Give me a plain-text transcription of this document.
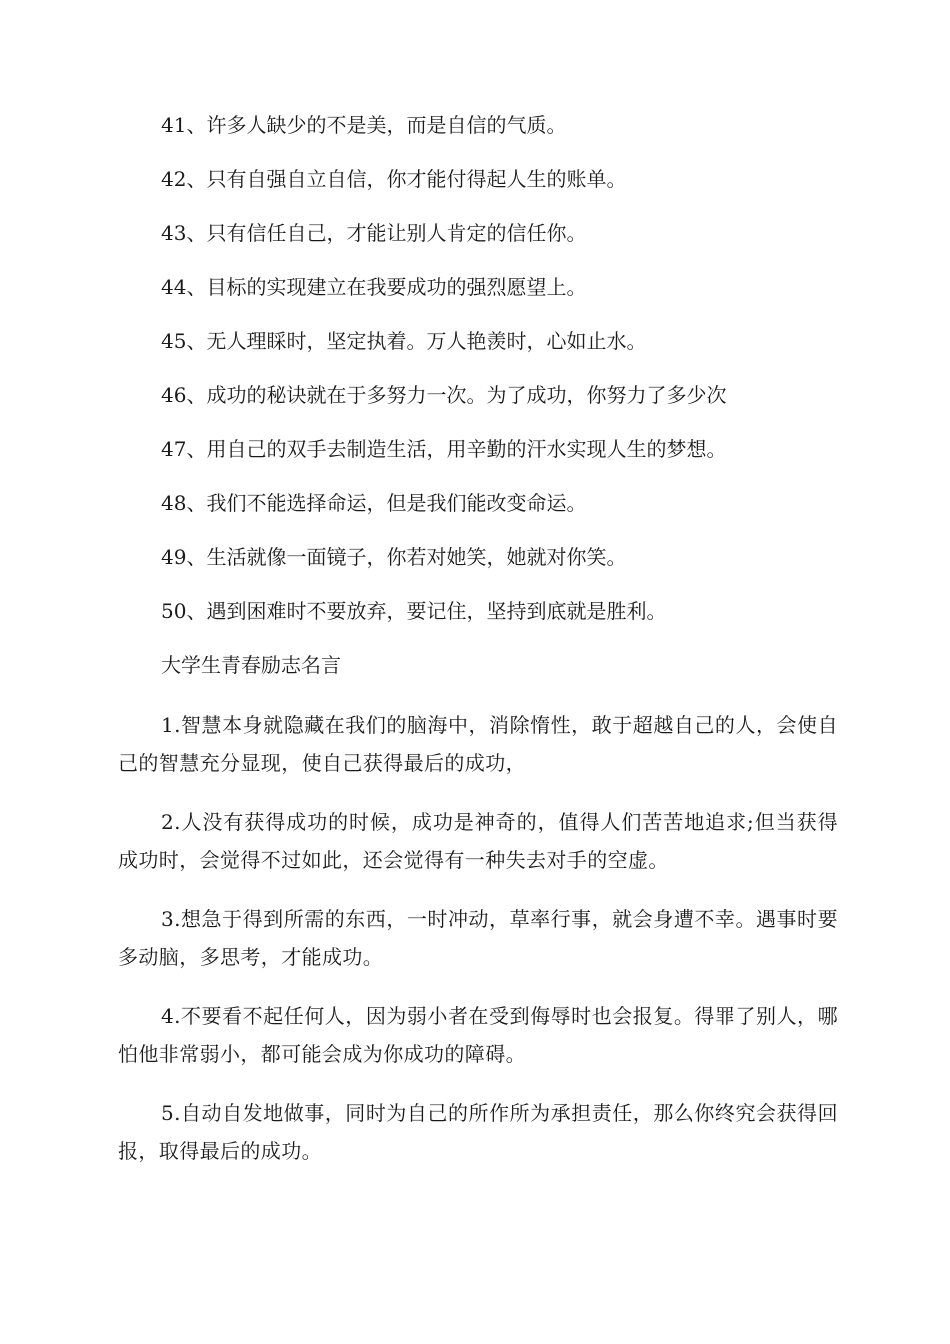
41、许多人缺少的不是美，而是自信的气质。
42、只有自强自立自信，你才能付得起人生的账单。
43、只有信任自己，才能让别人肯定的信任你。
44、目标的实现建立在我要成功的强烈愿望上。
45、无人理睬时，坚定执着。万人艳羡时，心如止水。
46、成功的秘诀就在于多努力一次。为了成功，你努力了多少次
47、用自己的双手去制造生活，用辛勤的汗水实现人生的梦想。
48、我们不能选择命运，但是我们能改变命运。
49、生活就像一面镜子，你若对她笑，她就对你笑。
50、遇到困难时不要放弃，要记住，坚持到底就是胜利。
大学生青春励志名言

1.智慧本身就隐藏在我们的脑海中，消除惰性，敢于超越自己的人，会使自己的智慧充分显现，使自己获得最后的成功，

2.人没有获得成功的时候，成功是神奇的，值得人们苦苦地追求;但当获得成功时，会觉得不过如此，还会觉得有一种失去对手的空虚。

3.想急于得到所需的东西，一时冲动，草率行事，就会身遭不幸。遇事时要多动脑，多思考，才能成功。

4.不要看不起任何人，因为弱小者在受到侮辱时也会报复。得罪了别人，哪怕他非常弱小，都可能会成为你成功的障碍。

5.自动自发地做事，同时为自己的所作所为承担责任，那么你终究会获得回报，取得最后的成功。
